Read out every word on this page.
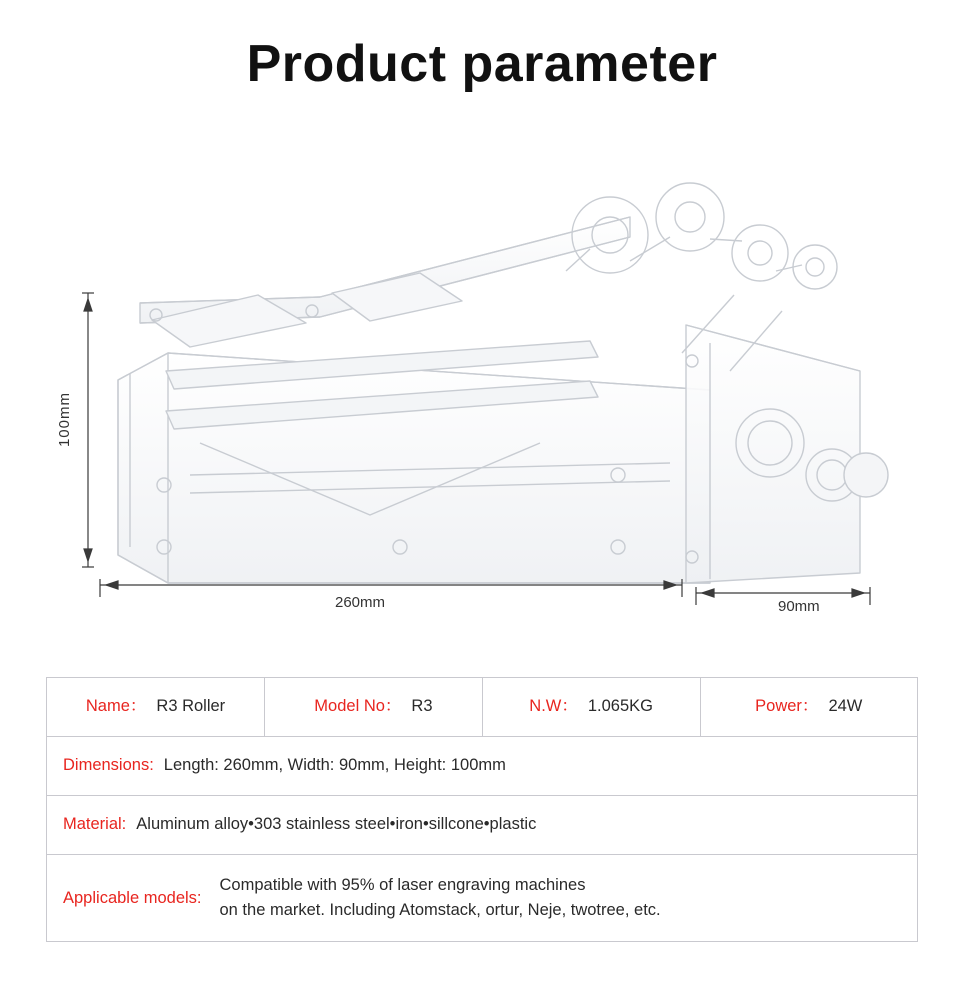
Product parameter
100mm
260mm	90mm
Name： R3 Roller	Model No： R3	N.W： 1.065KG	Power： 24W

Dimensions: Length: 260mm, Width: 90mm, Height: 100mm

Material: Aluminum alloy•303 stainless steel•iron•sillcone•plastic

Applicable models:
Compatible with 95% of laser engraving machines
on the market. Including Atomstack, ortur, Neje, twotree, etc.
